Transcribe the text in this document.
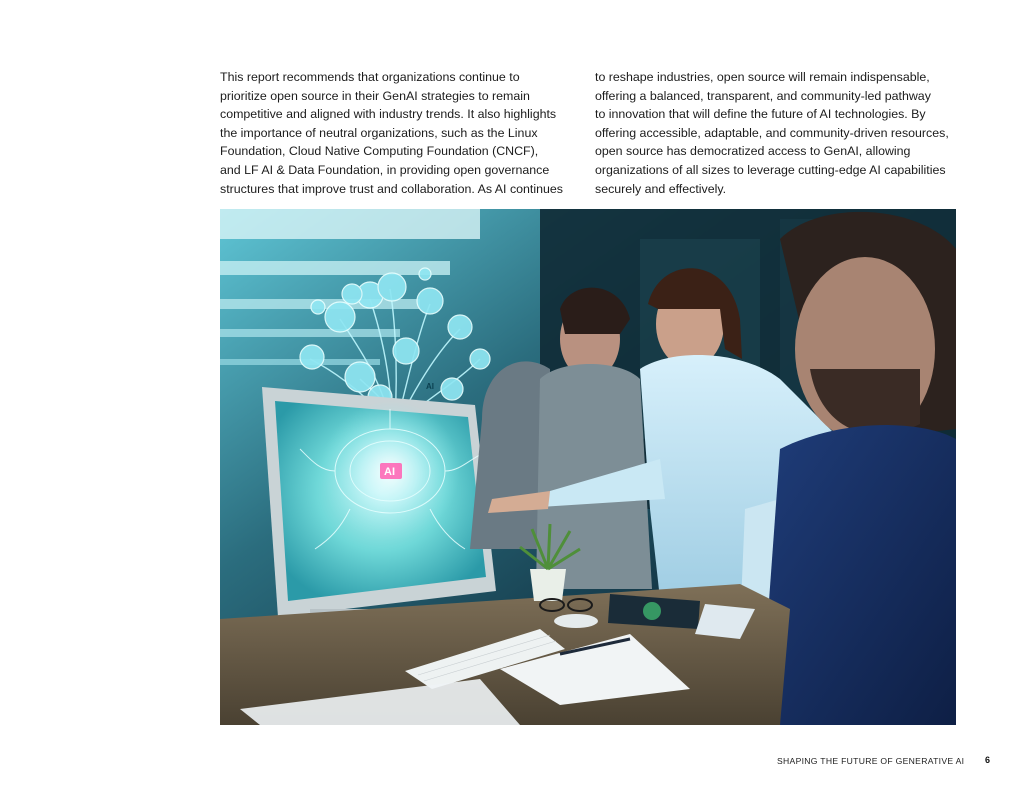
This report recommends that organizations continue to
prioritize open source in their GenAI strategies to remain
competitive and aligned with industry trends. It also highlights
the importance of neutral organizations, such as the Linux
Foundation, Cloud Native Computing Foundation (CNCF),
and LF AI & Data Foundation, in providing open governance
structures that improve trust and collaboration. As AI continues
to reshape industries, open source will remain indispensable,
offering a balanced, transparent, and community-led pathway
to innovation that will define the future of AI technologies. By
offering accessible, adaptable, and community-driven resources,
open source has democratized access to GenAI, allowing
organizations of all sizes to leverage cutting-edge AI capabilities
securely and effectively.
AI
AI
SHAPING THE FUTURE OF GENERATIVE AI 6
